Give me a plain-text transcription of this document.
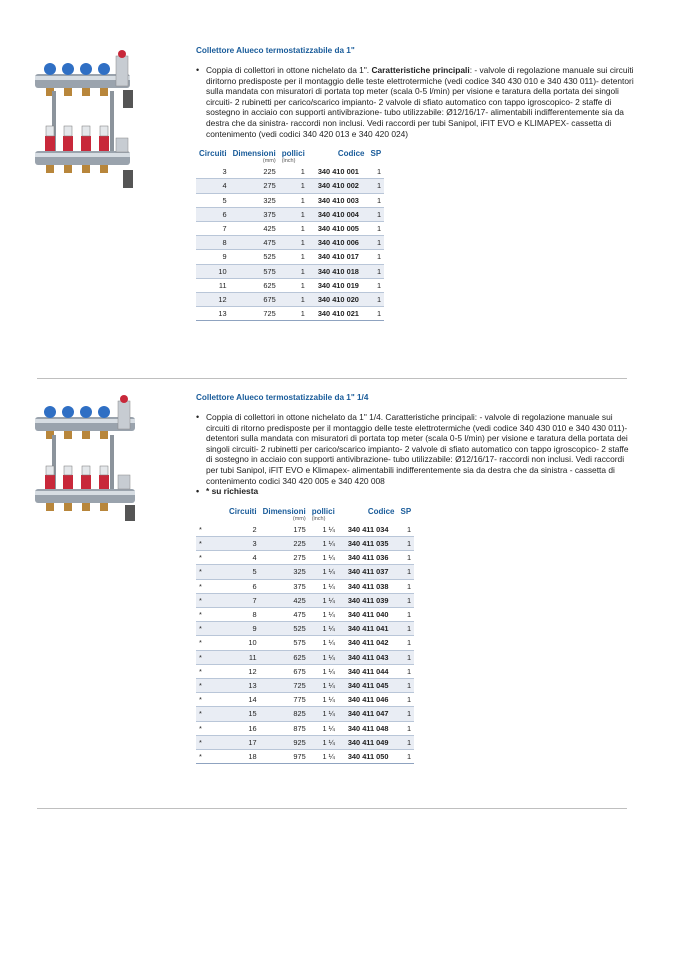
Collettore Alueco termostatizzabile da 1"
• Coppia di collettori in ottone nichelato da 1". Caratteristiche principali: - valvole di regolazione manuale sui circuiti diritorno predisposte per il montaggio delle teste elettrotermiche (vedi codice 340 430 010 e 340 430 011)- detentori sulla mandata con misuratori di portata top meter (scala 0-5 l/min) per visione e taratura della portata dei singoli circuiti- 2 rubinetti per carico/scarico impianto- 2 valvole di sfiato automatico con tappo igroscopico- 2 staffe di sostegno in acciaio con supporti antivibrazione- tubo utilizzabile: Ø12/16/17- alimentabili indifferentemente sia da destra che da sinistra- raccordi non inclusi. Vedi raccordi per tubi Sanipol, iFIT EVO e KLIMAPEX- cassetta di contenimento (vedi codici 340 420 013 e 340 420 024)
Circuiti	Dimensioni	pollici	Codice	SP
	(mm)	(inch)		
3	225	1	340 410 001	1
4	275	1	340 410 002	1
5	325	1	340 410 003	1
6	375	1	340 410 004	1
7	425	1	340 410 005	1
8	475	1	340 410 006	1
9	525	1	340 410 017	1
10	575	1	340 410 018	1
11	625	1	340 410 019	1
12	675	1	340 410 020	1
13	725	1	340 410 021	1
Collettore Alueco termostatizzabile da 1" 1/4
• Coppia di collettori in ottone nichelato da 1" 1/4. Caratteristiche principali: - valvole di regolazione manuale sui circuiti di ritorno predisposte per il montaggio delle teste elettrotermiche (vedi codice 340 430 010 e 340 430 011)- detentori sulla mandata con misuratori di portata top meter (scala 0-5 l/min) per visione e taratura della portata dei singoli circuiti- 2 rubinetti per carico/scarico impianto- 2 valvole di sfiato automatico con tappo igroscopico- 2 staffe di sostegno in acciaio con supporti antivibrazione- tubo utilizzabile: Ø12/16/17- raccordi non inclusi. Vedi raccordi per tubi Sanipol, iFIT EVO e Klimapex- alimentabili indifferentemente sia da destra che da sinistra - cassetta di contenimento codici 340 420 005 e 340 420 008
• * su richiesta
	Circuiti	Dimensioni	pollici	Codice	SP
		(mm)	(inch)		
*	2	175	1 ¼	340 411 034	1
*	3	225	1 ¼	340 411 035	1
*	4	275	1 ¼	340 411 036	1
*	5	325	1 ¼	340 411 037	1
*	6	375	1 ¼	340 411 038	1
*	7	425	1 ¼	340 411 039	1
*	8	475	1 ¼	340 411 040	1
*	9	525	1 ¼	340 411 041	1
*	10	575	1 ¼	340 411 042	1
*	11	625	1 ¼	340 411 043	1
*	12	675	1 ¼	340 411 044	1
*	13	725	1 ¼	340 411 045	1
*	14	775	1 ¼	340 411 046	1
*	15	825	1 ¼	340 411 047	1
*	16	875	1 ¼	340 411 048	1
*	17	925	1 ¼	340 411 049	1
*	18	975	1 ¼	340 411 050	1
